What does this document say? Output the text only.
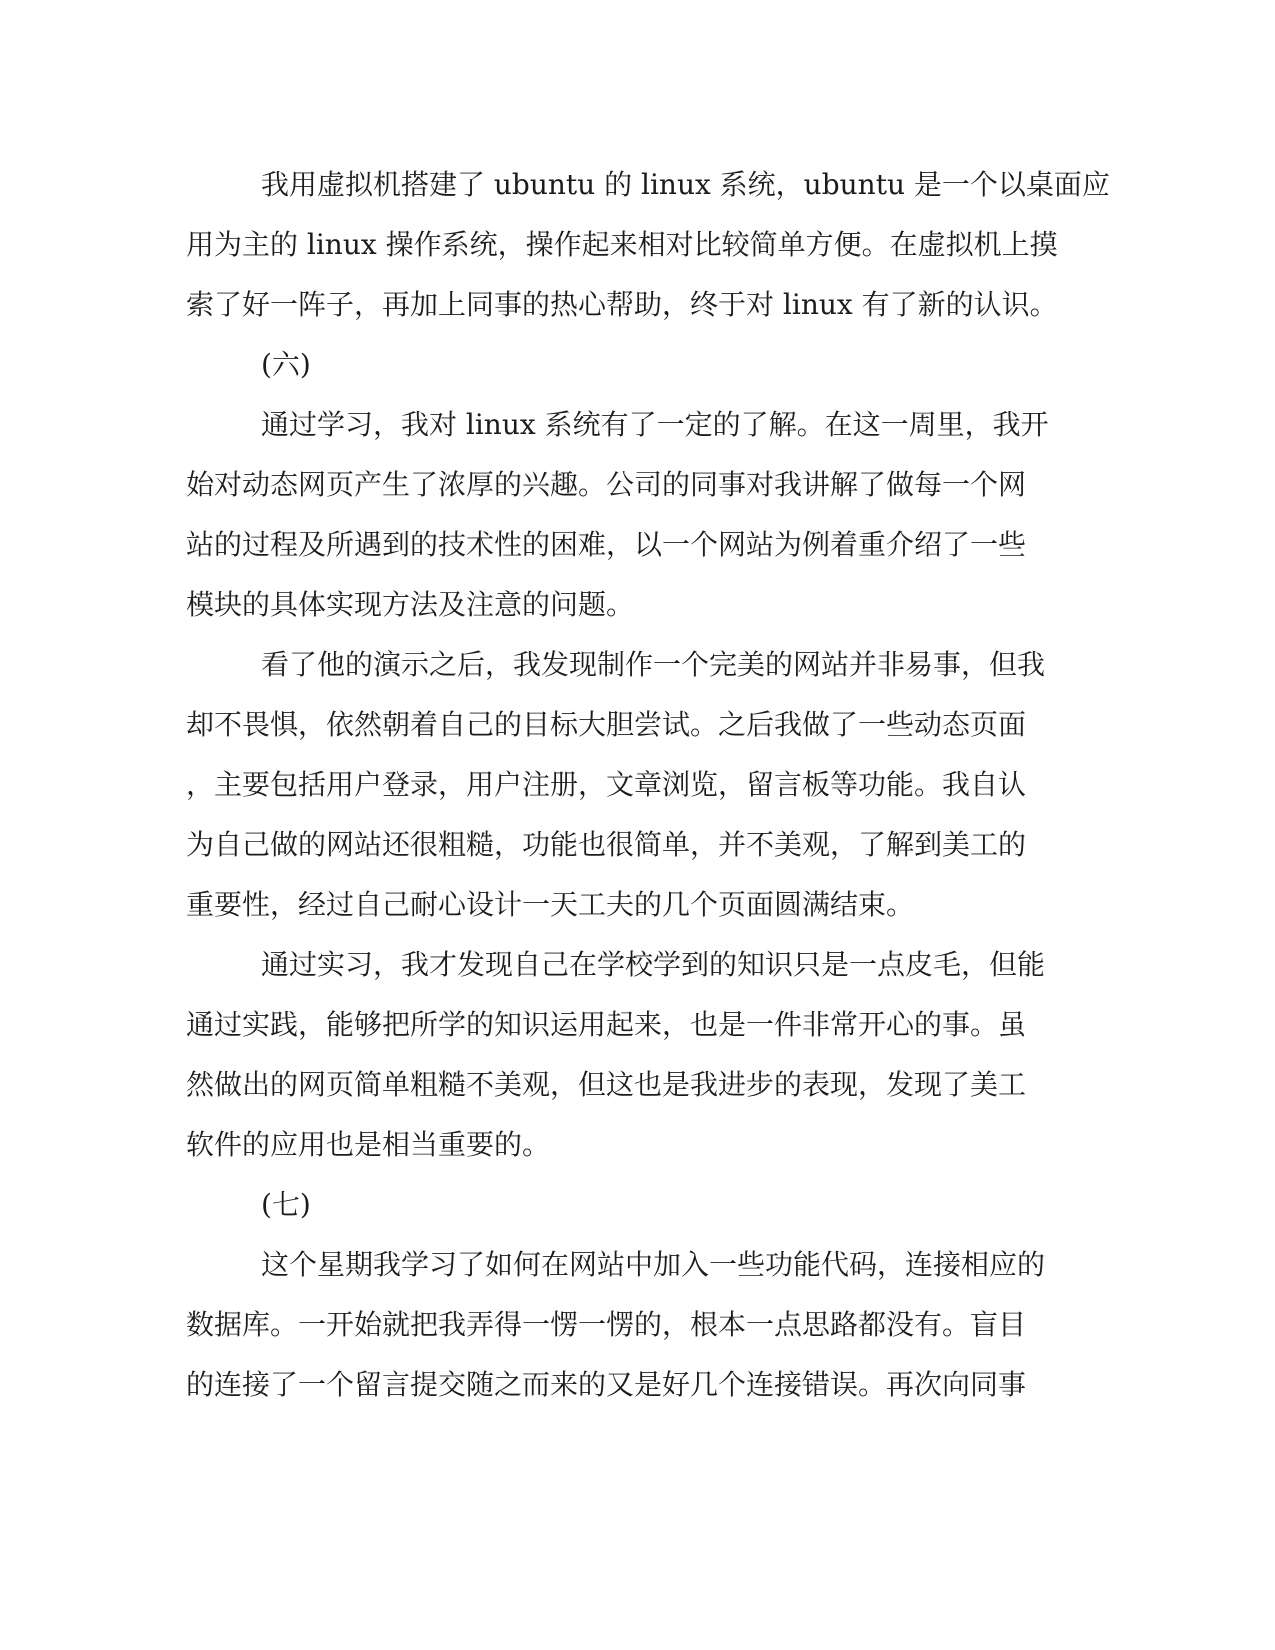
我用虚拟机搭建了 ubuntu 的 linux 系统，ubuntu 是一个以桌面应
用为主的 linux 操作系统，操作起来相对比较简单方便。在虚拟机上摸
索了好一阵子，再加上同事的热心帮助，终于对 linux 有了新的认识。
(六)
通过学习，我对 linux 系统有了一定的了解。在这一周里，我开
始对动态网页产生了浓厚的兴趣。公司的同事对我讲解了做每一个网
站的过程及所遇到的技术性的困难，以一个网站为例着重介绍了一些
模块的具体实现方法及注意的问题。
看了他的演示之后，我发现制作一个完美的网站并非易事，但我
却不畏惧，依然朝着自己的目标大胆尝试。之后我做了一些动态页面
，主要包括用户登录，用户注册，文章浏览，留言板等功能。我自认
为自己做的网站还很粗糙，功能也很简单，并不美观，了解到美工的
重要性，经过自己耐心设计一天工夫的几个页面圆满结束。
通过实习，我才发现自己在学校学到的知识只是一点皮毛，但能
通过实践，能够把所学的知识运用起来，也是一件非常开心的事。虽
然做出的网页简单粗糙不美观，但这也是我进步的表现，发现了美工
软件的应用也是相当重要的。
(七)
这个星期我学习了如何在网站中加入一些功能代码，连接相应的
数据库。一开始就把我弄得一愣一愣的，根本一点思路都没有。盲目
的连接了一个留言提交随之而来的又是好几个连接错误。再次向同事
